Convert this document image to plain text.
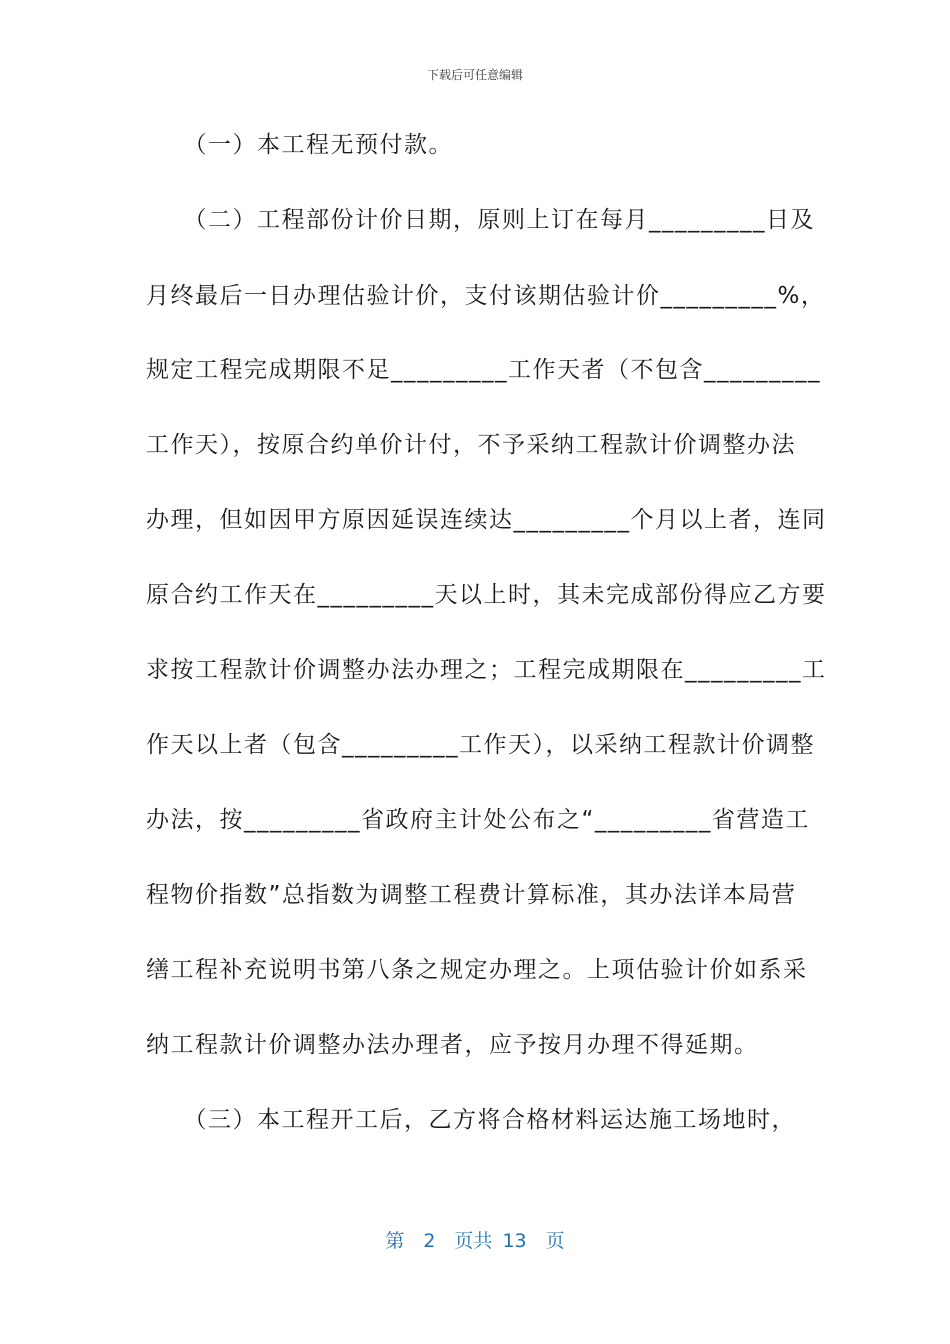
下载后可任意编辑
　　（一）本工程无预付款。
　　（二）工程部份计价日期，原则上订在每月_________日及
月终最后一日办理估验计价，支付该期估验计价_________%，
规定工程完成期限不足_________工作天者（不包含_________
工作天），按原合约单价计付，不予采纳工程款计价调整办法
办理，但如因甲方原因延误连续达_________个月以上者，连同
原合约工作天在_________天以上时，其未完成部份得应乙方要
求按工程款计价调整办法办理之；工程完成期限在_________工
作天以上者（包含_________工作天），以采纳工程款计价调整
办法，按_________省政府主计处公布之“_________省营造工
程物价指数”总指数为调整工程费计算标准，其办法详本局营
缮工程补充说明书第八条之规定办理之。上项估验计价如系采
纳工程款计价调整办法办理者，应予按月办理不得延期。
　　（三）本工程开工后，乙方将合格材料运达施工场地时，
第　2　页共 13　页
